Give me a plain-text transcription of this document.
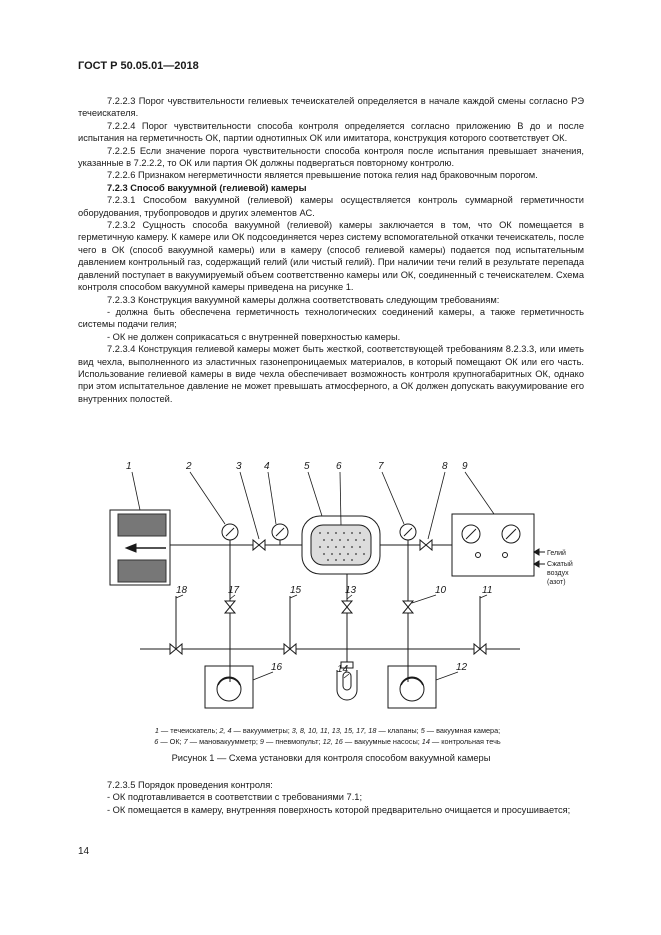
ГОСТ Р 50.05.01—2018

7.2.2.3 Порог чувствительности гелиевых течеискателей определяется в начале каждой смены согласно РЭ течеискателя.

7.2.2.4 Порог чувствительности способа контроля определяется согласно приложению В до и после испытания на герметичность ОК, партии однотипных ОК или имитатора, конструкция которого соответствует ОК.

7.2.2.5 Если значение порога чувствительности способа контроля после испытания превышает значения, указанные в 7.2.2.2, то ОК или партия ОК должны подвергаться повторному контролю.

7.2.2.6 Признаком негерметичности является превышение потока гелия над браковочным порогом.

7.2.3 Способ вакуумной (гелиевой) камеры

7.2.3.1 Способом вакуумной (гелиевой) камеры осуществляется контроль суммарной герметичности оборудования, трубопроводов и других элементов АС.

7.2.3.2 Сущность способа вакуумной (гелиевой) камеры заключается в том, что ОК помещается в герметичную камеру. К камере или ОК подсоединяется через систему вспомогательной откачки течеискатель, после чего в ОК (способ вакуумной камеры) или в камеру (способ гелиевой камеры) подается под испытательным давлением контрольный газ, содержащий гелий (или чистый гелий). При наличии течи гелий в результате перепада давлений поступает в вакуумируемый объем соответственно камеры или ОК, соединенный с течеискателем. Схема контроля способом вакуумной камеры приведена на рисунке 1.

7.2.3.3 Конструкция вакуумной камеры должна соответствовать следующим требованиям:

- должна быть обеспечена герметичность технологических соединений камеры, а также герметичность системы подачи гелия;

- ОК не должен соприкасаться с внутренней поверхностью камеры.

7.2.3.4 Конструкция гелиевой камеры может быть жесткой, соответствующей требованиям 8.2.3.3, или иметь вид чехла, выполненного из эластичных газонепроницаемых материалов, в который помещают ОК или его часть. Использование гелиевой камеры в виде чехла обеспечивает возможность контроля крупногабаритных ОК, однако при этом испытательное давление не может превышать атмосферного, а ОК должен допускать вакуумирование его внутренних полостей.

Гелий
Сжатый
воздух
(азот)
1	2	3 4	5	6	7	8 9
18	17	15	13	10	11
16	14	12
1 — течеискатель; 2, 4 — вакуумметры; 3, 8, 10, 11, 13, 15, 17, 18 — клапаны; 5 — вакуумная камера;
6 — ОК; 7 — мановакуумметр; 9 — пневмопульт; 12, 16 — вакуумные насосы; 14 — контрольная течь
Рисунок 1 — Схема установки для контроля способом вакуумной камеры

7.2.3.5 Порядок проведения контроля:

- ОК подготавливается в соответствии с требованиями 7.1;

- ОК помещается в камеру, внутренняя поверхность которой предварительно очищается и просушивается;

14
